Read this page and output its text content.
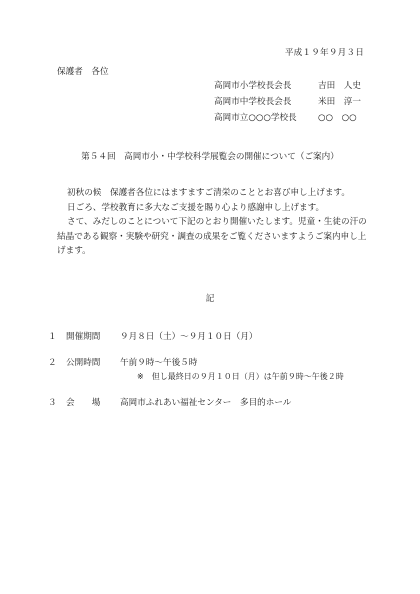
平成１９年９月３日
保護者　各位
高岡市小学校長会長	吉田　人史
高岡市中学校長会長	米田　淳一
高岡市立○○○学校長	○○　○○
第５４回　高岡市小・中学校科学展覧会の開催について（ご案内）

初秋の候　保護者各位にはますますご清栄のこととお喜び申し上げます。

日ごろ、学校教育に多大なご支援を賜り心より感謝申し上げます。

さて、みだしのことについて下記のとおり開催いたします。児童・生徒の汗の結晶である観察・実験や研究・調査の成果をご覧くださいますようご案内申し上げます。

記
１	開催期間	９月８日（土）～９月１０日（月）
２	公開時間	午前９時～午後５時
※　但し最終日の９月１０日（月）は午前９時～午後２時
３	会　　場	高岡市ふれあい福祉センター　多目的ホール
